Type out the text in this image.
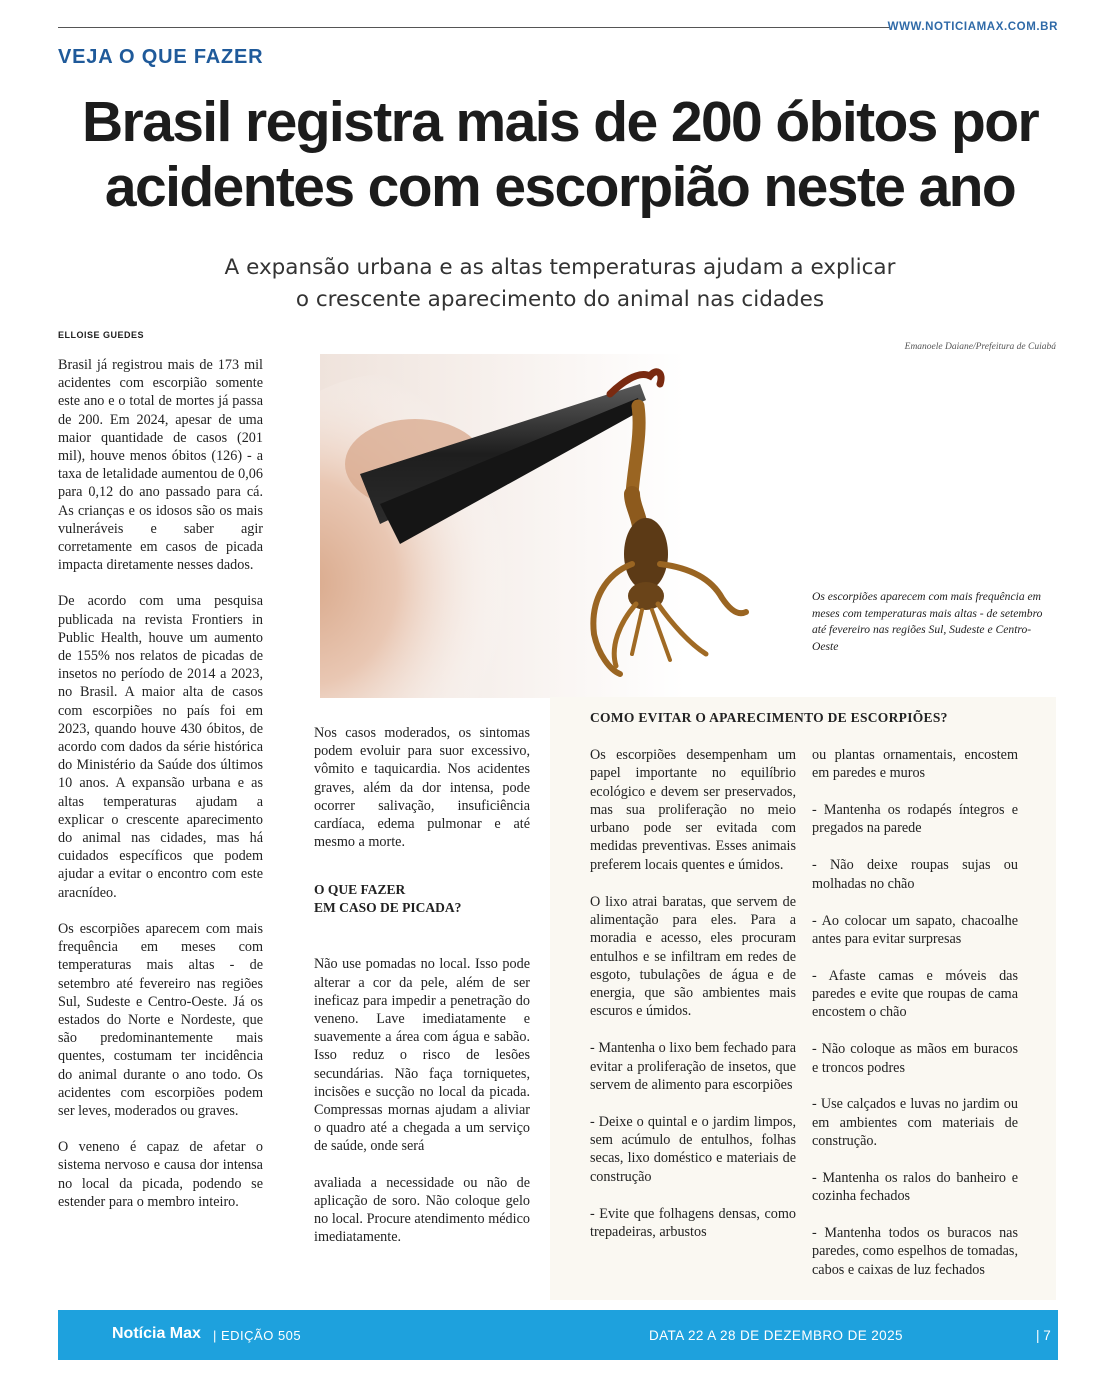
WWW.NOTICIAMAX.COM.BR
VEJA O QUE FAZER
Brasil registra mais de 200 óbitos por
acidentes com escorpião neste ano
A expansão urbana e as altas temperaturas ajudam a explicar
o crescente aparecimento do animal nas cidades
ELLOISE GUEDES
Emanoele Daiane/Prefeitura de Cuiabá

Brasil já registrou mais de 173 mil acidentes com escorpião somente este ano e o total de mortes já passa de 200. Em 2024, apesar de uma maior quantidade de casos (201 mil), houve menos óbitos (126) - a taxa de letalidade aumentou de 0,06 para 0,12 do ano passado para cá. As crianças e os idosos são os mais vulneráveis e saber agir corretamente em casos de picada impacta diretamente nesses dados.

De acordo com uma pesquisa publicada na revista Frontiers in Public Health, houve um aumento de 155% nos relatos de picadas de insetos no período de 2014 a 2023, no Brasil. A maior alta de casos com escorpiões no país foi em 2023, quando houve 430 óbitos, de acordo com dados da série histórica do Ministério da Saúde dos últimos 10 anos. A expansão urbana e as altas temperaturas ajudam a explicar o crescente aparecimento do animal nas cidades, mas há cuidados específicos que podem ajudar a evitar o encontro com este aracnídeo.

Os escorpiões aparecem com mais frequência em meses com temperaturas mais altas - de setembro até fevereiro nas regiões Sul, Sudeste e Centro-Oeste. Já os estados do Norte e Nordeste, que são predominantemente mais quentes, costumam ter incidência do animal durante o ano todo. Os acidentes com escorpiões podem ser leves, moderados ou graves.

O veneno é capaz de afetar o sistema nervoso e causa dor intensa no local da picada, podendo se estender para o membro inteiro.

Os escorpiões aparecem com mais frequência em meses com temperaturas mais altas - de setembro até fevereiro nas regiões Sul, Sudeste e Centro-Oeste

Nos casos moderados, os sintomas podem evoluir para suor excessivo, vômito e taquicardia. Nos acidentes graves, além da dor intensa, pode ocorrer salivação, insuficiência cardíaca, edema pulmonar e até mesmo a morte.

O QUE FAZER
EM CASO DE PICADA?

Não use pomadas no local. Isso pode alterar a cor da pele, além de ser ineficaz para impedir a penetração do veneno. Lave imediatamente e suavemente a área com água e sabão. Isso reduz o risco de lesões secundárias. Não faça torniquetes, incisões e sucção no local da picada. Compressas mornas ajudam a aliviar o quadro até a chegada a um serviço de saúde, onde será

avaliada a necessidade ou não de aplicação de soro. Não coloque gelo no local. Procure atendimento médico imediatamente.

COMO EVITAR O APARECIMENTO DE ESCORPIÕES?

Os escorpiões desempenham um papel importante no equilíbrio ecológico e devem ser preservados, mas sua proliferação no meio urbano pode ser evitada com medidas preventivas. Esses animais preferem locais quentes e úmidos.

O lixo atrai baratas, que servem de alimentação para eles. Para a moradia e acesso, eles procuram entulhos e se infiltram em redes de esgoto, tubulações de água e de energia, que são ambientes mais escuros e úmidos.

- Mantenha o lixo bem fechado para evitar a proliferação de insetos, que servem de alimento para escorpiões

- Deixe o quintal e o jardim limpos, sem acúmulo de entulhos, folhas secas, lixo doméstico e materiais de construção

- Evite que folhagens densas, como trepadeiras, arbustos

ou plantas ornamentais, encostem em paredes e muros

- Mantenha os rodapés íntegros e pregados na parede

- Não deixe roupas sujas ou molhadas no chão

- Ao colocar um sapato, chacoalhe antes para evitar surpresas

- Afaste camas e móveis das paredes e evite que roupas de cama encostem o chão

- Não coloque as mãos em buracos e troncos podres

- Use calçados e luvas no jardim ou em ambientes com materiais de construção.

- Mantenha os ralos do banheiro e cozinha fechados

- Mantenha todos os buracos nas paredes, como espelhos de tomadas, cabos e caixas de luz fechados

Notícia Max | EDIÇÃO 505	DATA 22 A 28 DE DEZEMBRO DE 2025	| 7
